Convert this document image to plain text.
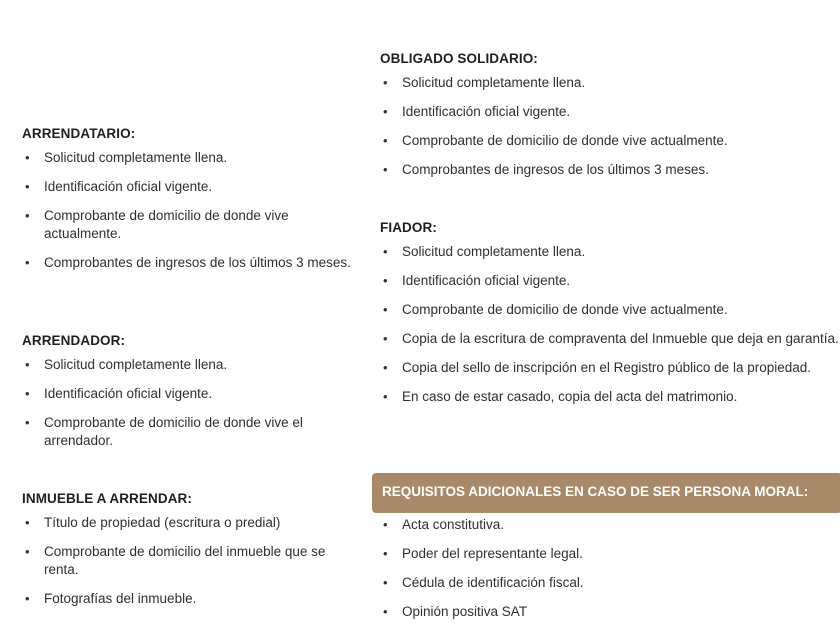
ARRENDATARIO:
• Solicitud completamente llena.
• Identificación oficial vigente.
• Comprobante de domicilio de donde vive actualmente.
• Comprobantes de ingresos de los últimos 3 meses.
ARRENDADOR:
• Solicitud completamente llena.
• Identificación oficial vigente.
• Comprobante de domicilio de donde vive el arrendador.
INMUEBLE A ARRENDAR:
• Título de propiedad (escritura o predial)
• Comprobante de domicilio del inmueble que se renta.
• Fotografías del inmueble.
OBLIGADO SOLIDARIO:
• Solicitud completamente llena.
• Identificación oficial vigente.
• Comprobante de domicilio de donde vive actualmente.
• Comprobantes de ingresos de los últimos 3 meses.
FIADOR:
• Solicitud completamente llena.
• Identificación oficial vigente.
• Comprobante de domicilio de donde vive actualmente.
• Copia de la escritura de compraventa del Inmueble que deja en garantía.
• Copia del sello de inscripción en el Registro público de la propiedad.
• En caso de estar casado, copia del acta del matrimonio.
• Acta constitutiva.
• Poder del representante legal.
• Cédula de identificación fiscal.
• Opinión positiva SAT
REQUISITOS ADICIONALES EN CASO DE SER PERSONA MORAL:
